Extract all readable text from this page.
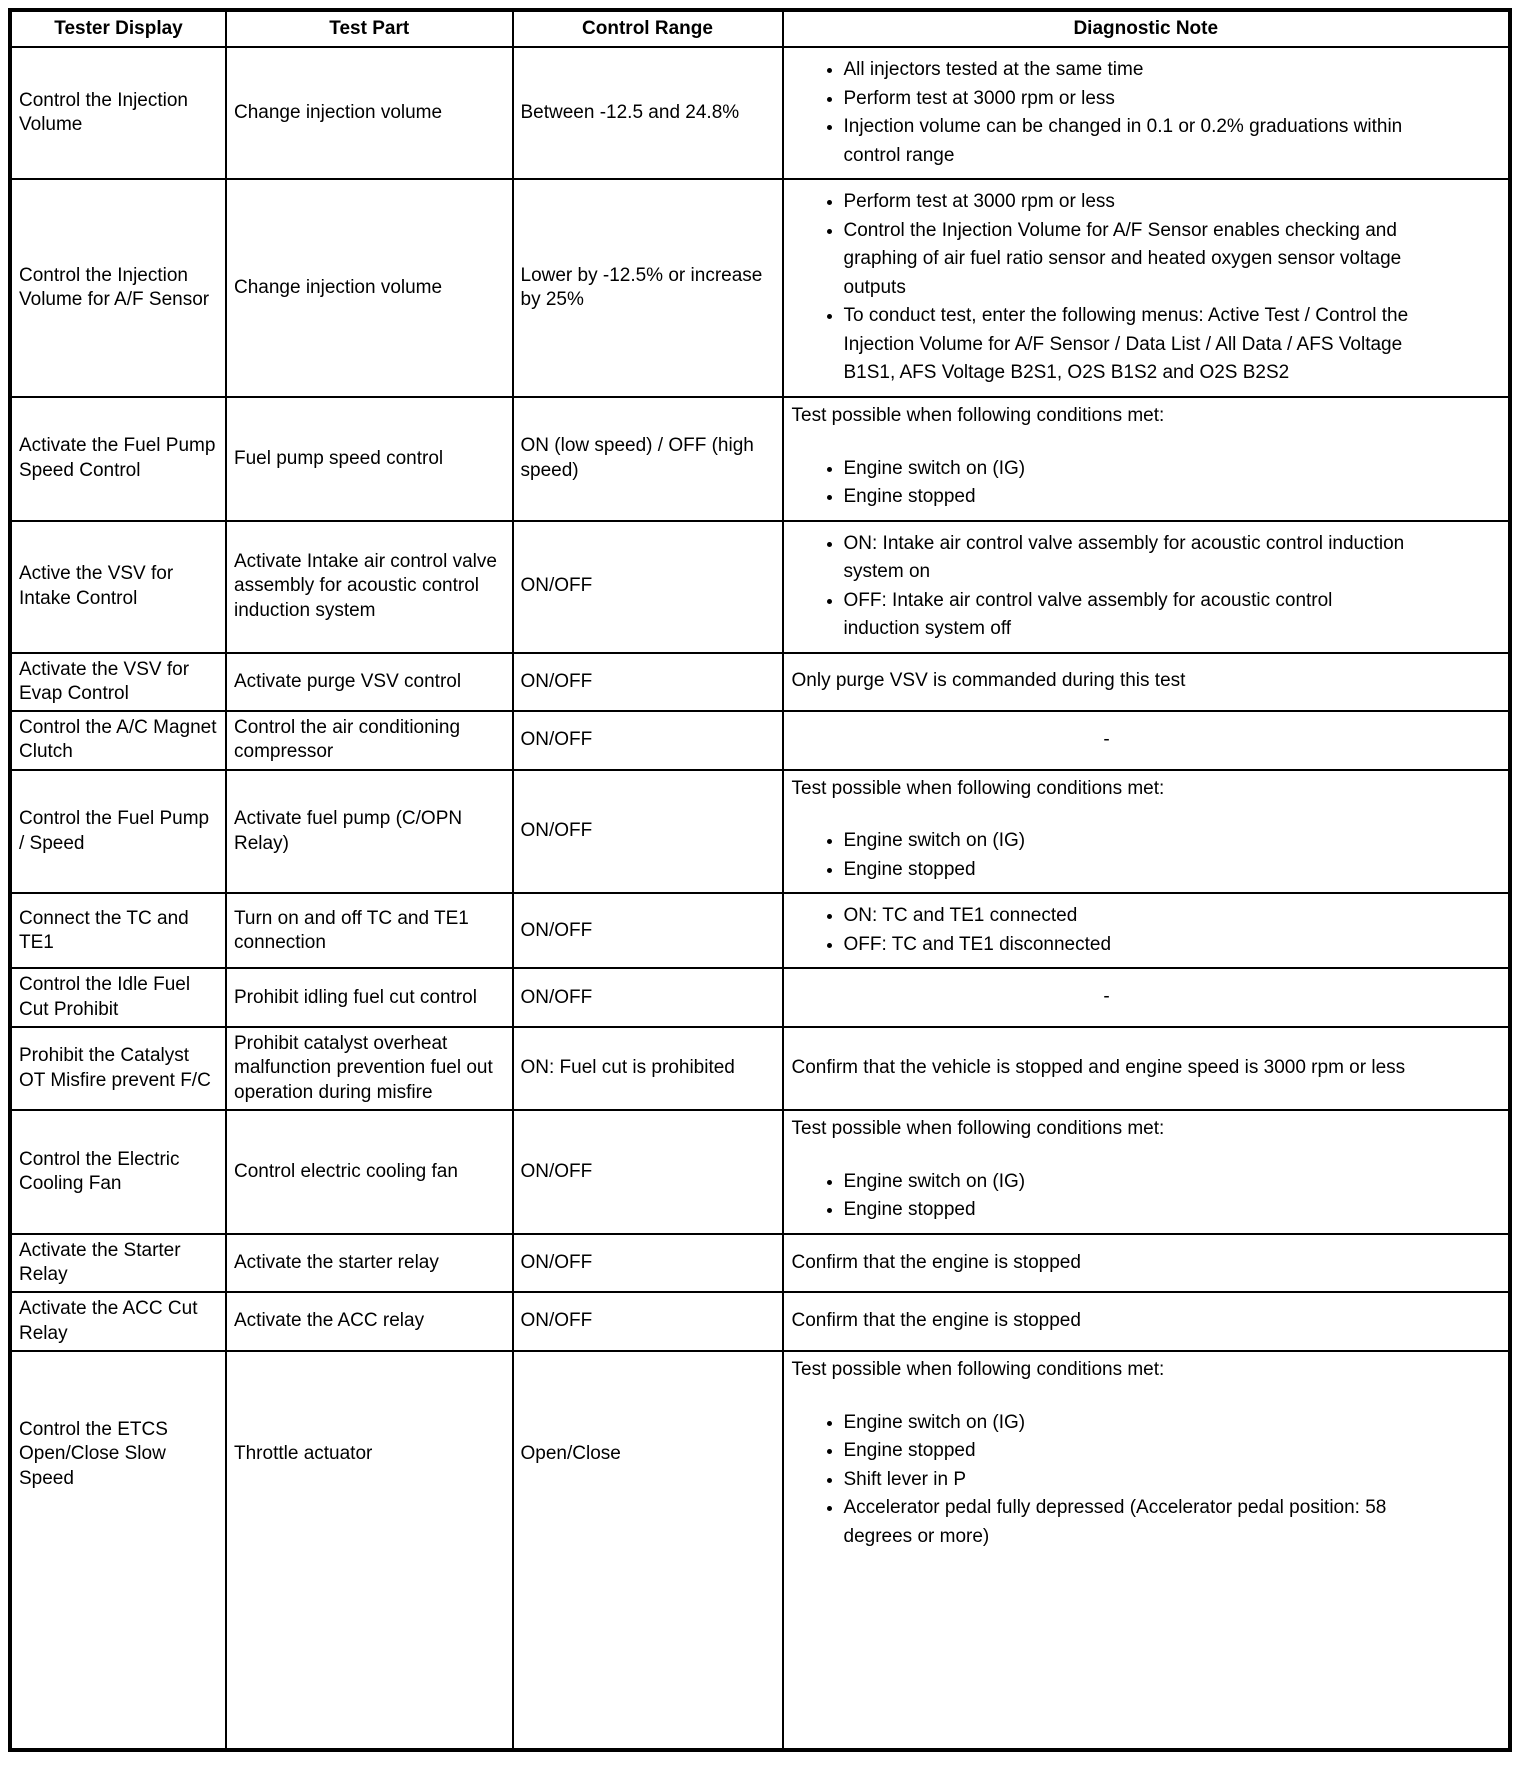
Tester Display	Test Part	Control Range	Diagnostic Note
Control the Injection Volume	Change injection volume	Between -12.5 and 24.8%	
• All injectors tested at the same time
• Perform test at 3000 rpm or less
• Injection volume can be changed in 0.1 or 0.2% graduations within control range

Control the Injection Volume for A/F Sensor	Change injection volume	Lower by -12.5% or increase by 25%	
• Perform test at 3000 rpm or less
• Control the Injection Volume for A/F Sensor enables checking and graphing of air fuel ratio sensor and heated oxygen sensor voltage outputs
• To conduct test, enter the following menus: Active Test / Control the Injection Volume for A/F Sensor / Data List / All Data / AFS Voltage B1S1, AFS Voltage B2S1, O2S B1S2 and O2S B2S2

Activate the Fuel Pump Speed Control	Fuel pump speed control	ON (low speed) / OFF (high speed)	
Test possible when following conditions met:
• Engine switch on (IG)
• Engine stopped

Active the VSV for Intake Control	Activate Intake air control valve assembly for acoustic control induction system	ON/OFF	
• ON: Intake air control valve assembly for acoustic control induction system on
• OFF: Intake air control valve assembly for acoustic control induction system off

Activate the VSV for Evap Control	Activate purge VSV control	ON/OFF	Only purge VSV is commanded during this test

Control the A/C Magnet Clutch	Control the air conditioning compressor	ON/OFF	-

Control the Fuel Pump / Speed	Activate fuel pump (C/OPN Relay)	ON/OFF	
Test possible when following conditions met:
• Engine switch on (IG)
• Engine stopped

Connect the TC and TE1	Turn on and off TC and TE1 connection	ON/OFF	
• ON: TC and TE1 connected
• OFF: TC and TE1 disconnected

Control the Idle Fuel Cut Prohibit	Prohibit idling fuel cut control	ON/OFF	-

Prohibit the Catalyst OT Misfire prevent F/C	Prohibit catalyst overheat malfunction prevention fuel out operation during misfire	ON: Fuel cut is prohibited	Confirm that the vehicle is stopped and engine speed is 3000 rpm or less

Control the Electric Cooling Fan	Control electric cooling fan	ON/OFF	
Test possible when following conditions met:
• Engine switch on (IG)
• Engine stopped

Activate the Starter Relay	Activate the starter relay	ON/OFF	Confirm that the engine is stopped

Activate the ACC Cut Relay	Activate the ACC relay	ON/OFF	Confirm that the engine is stopped

Control the ETCS Open/Close Slow Speed	Throttle actuator	Open/Close	
Test possible when following conditions met:
• Engine switch on (IG)
• Engine stopped
• Shift lever in P
• Accelerator pedal fully depressed (Accelerator pedal position: 58 degrees or more)
